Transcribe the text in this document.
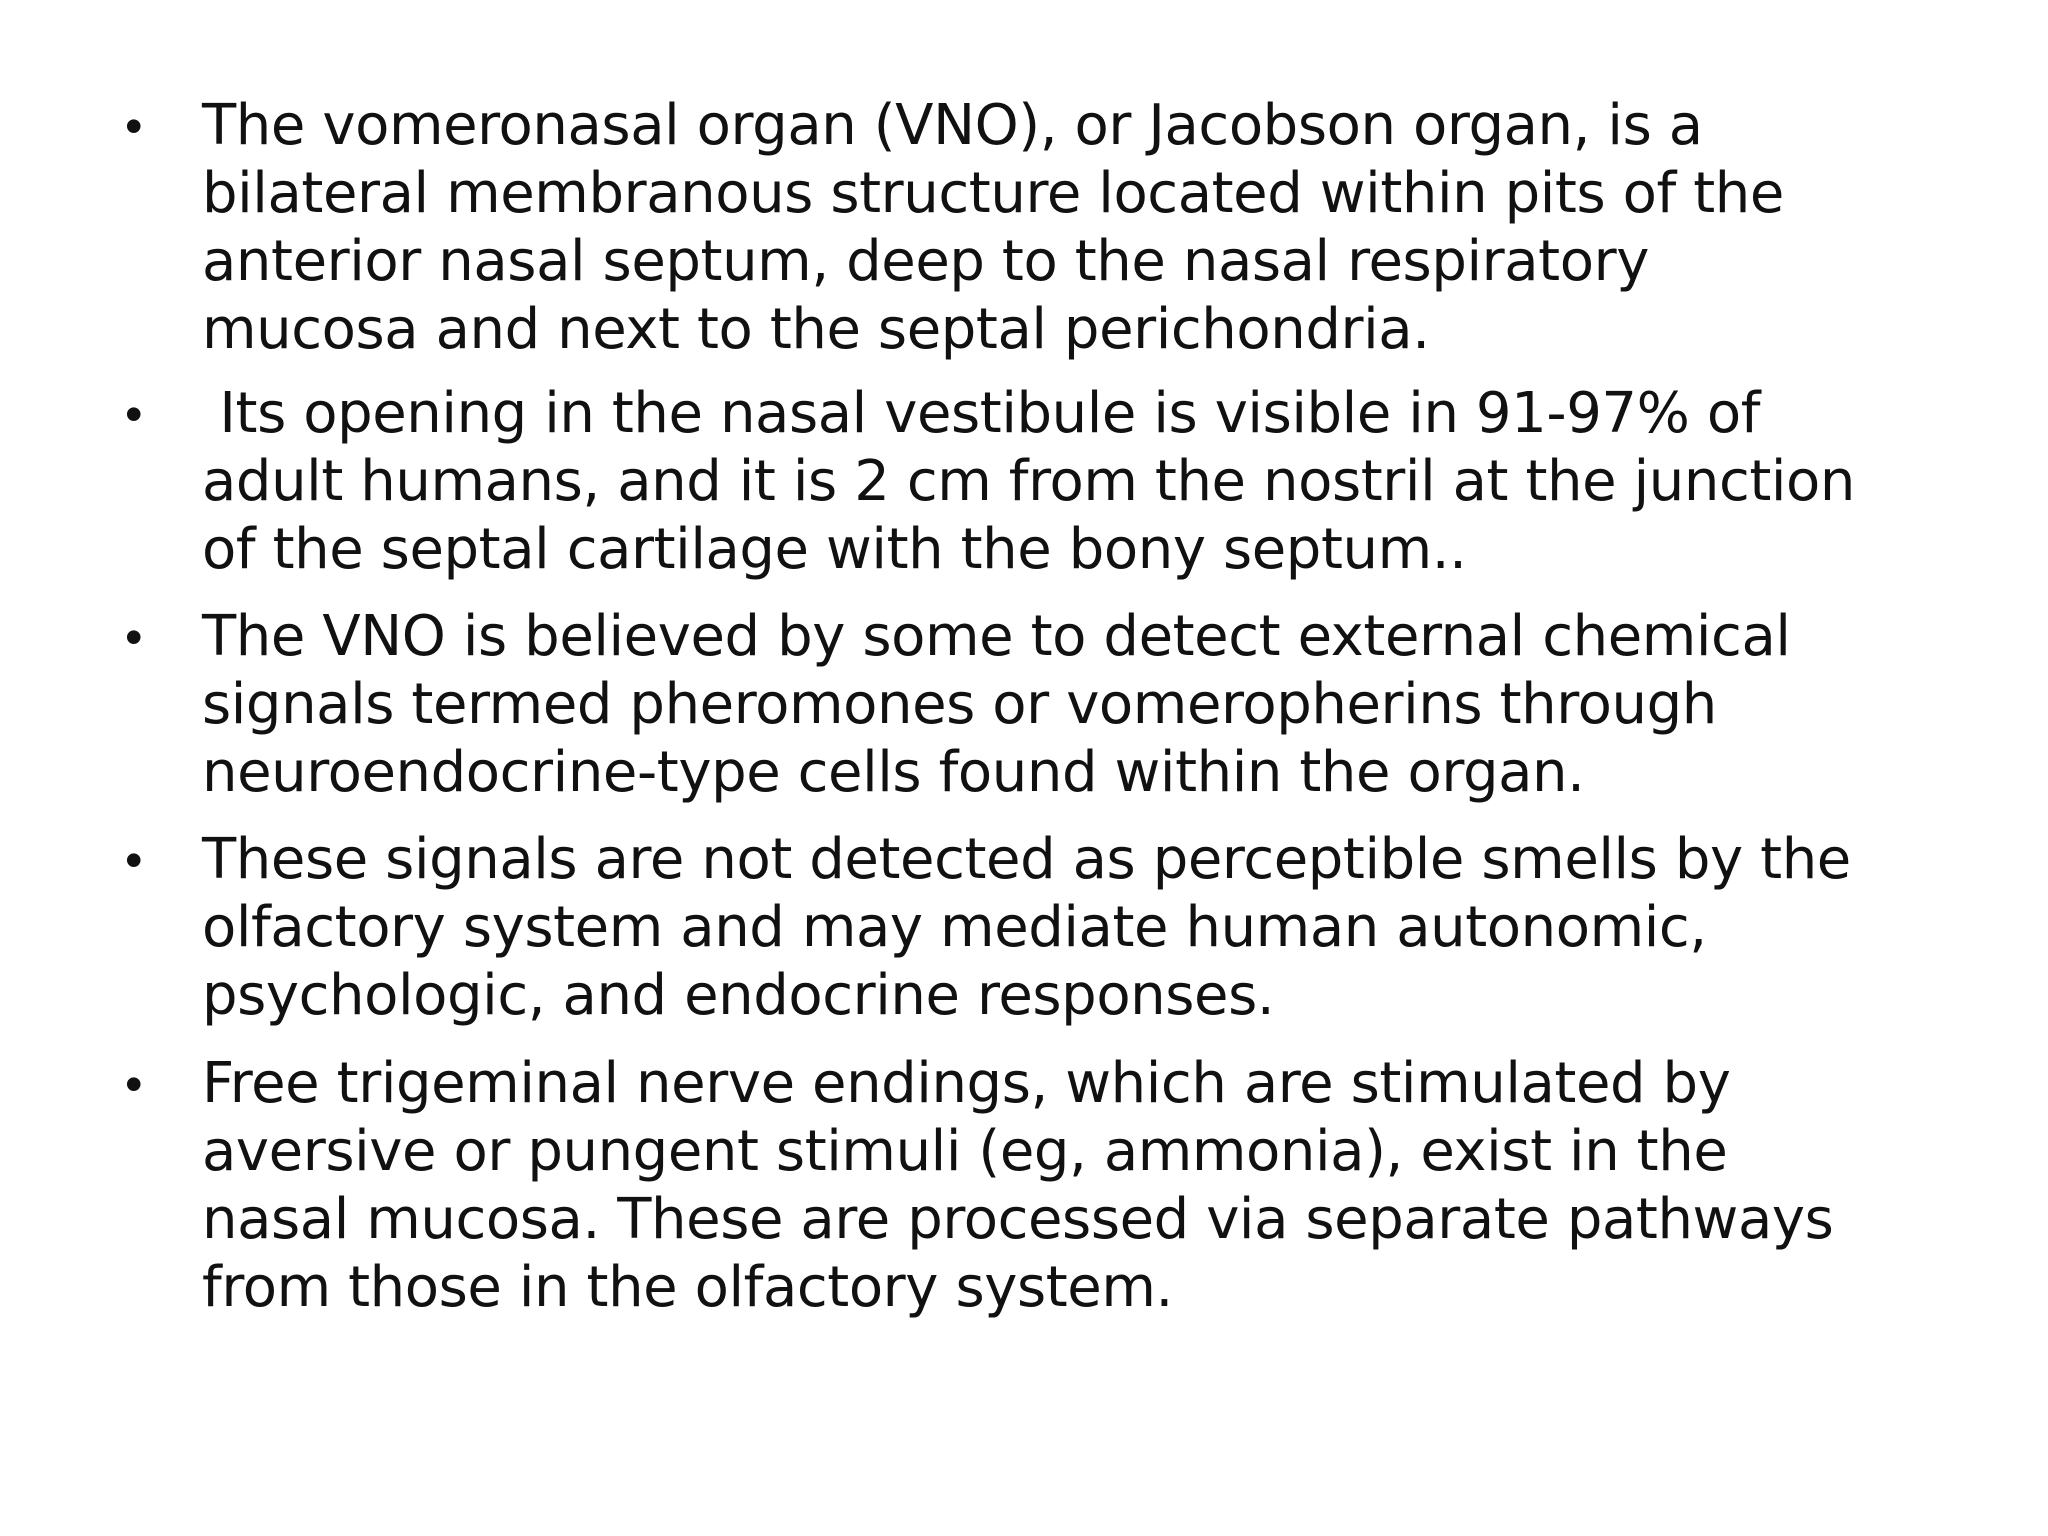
• The vomeronasal organ (VNO), or Jacobson organ, is a
bilateral membranous structure located within pits of the
anterior nasal septum, deep to the nasal respiratory
mucosa and next to the septal perichondria.

•	Its opening in the nasal vestibule is visible in 91-97% of
adult humans, and it is 2 cm from the nostril at the junction
of the septal cartilage with the bony septum..

• The VNO is believed by some to detect external chemical
signals termed pheromones or vomeropherins through
neuroendocrine-type cells found within the organ.

• These signals are not detected as perceptible smells by the
olfactory system and may mediate human autonomic,
psychologic, and endocrine responses.

• Free trigeminal nerve endings, which are stimulated by
aversive or pungent stimuli (eg, ammonia), exist in the
nasal mucosa. These are processed via separate pathways
from those in the olfactory system.
